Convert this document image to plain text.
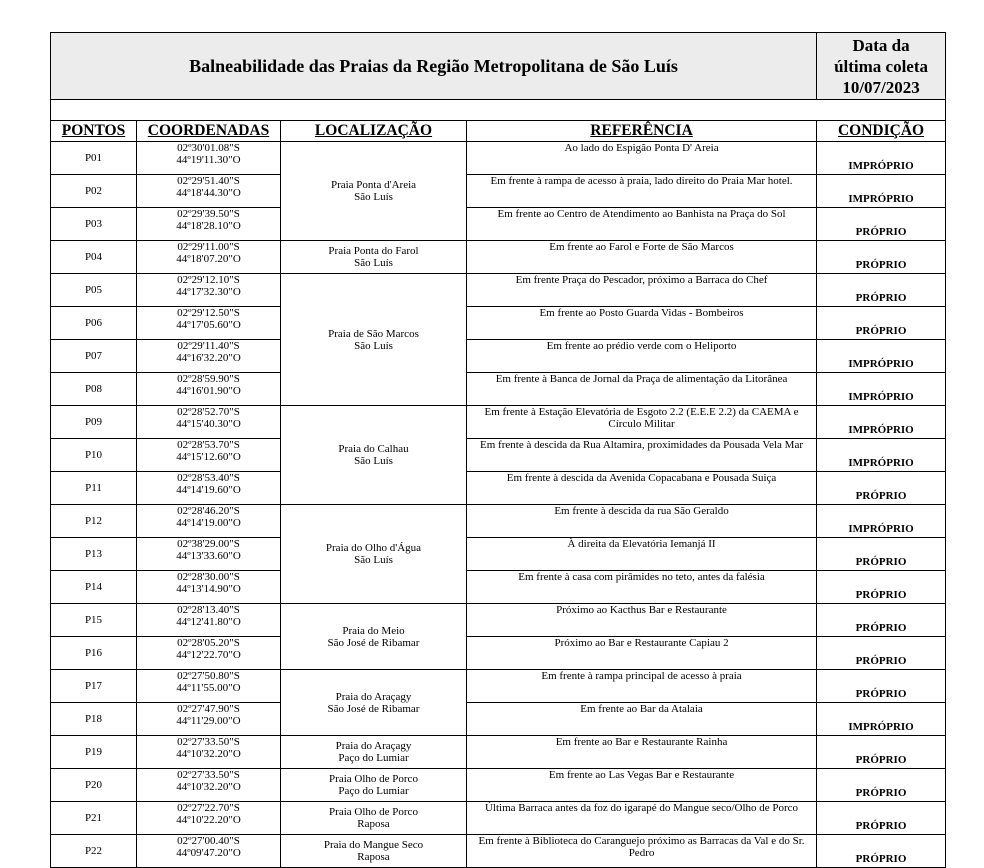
Balneabilidade das Praias da Região Metropolitana de São Luís				Data da
última coleta
10/07/2023

PONTOS	COORDENADAS	LOCALIZAÇÃO	REFERÊNCIA	CONDIÇÃO
P01	02º30'01.08"S
44º19'11.30"O	Praia Ponta d'Areia
São Luís	Ao lado do Espigão Ponta D' Areia	IMPRÓPRIO
P02	02º29'51.40"S
44º18'44.30"O		Em frente à rampa de acesso à praia, lado direito do Praia Mar hotel.	IMPRÓPRIO
P03	02º29'39.50"S
44º18'28.10"O		Em frente ao Centro de Atendimento ao Banhista na Praça do Sol	PRÓPRIO
P04	02º29'11.00"S
44º18'07.20"O	Praia Ponta do Farol
São Luís	Em frente ao Farol e Forte de São Marcos	PRÓPRIO
P05	02º29'12.10"S
44º17'32.30"O	Praia de São Marcos
São Luís	Em frente Praça do Pescador, próximo a Barraca do Chef	PRÓPRIO
P06	02º29'12.50"S
44º17'05.60"O		Em frente ao Posto Guarda Vidas - Bombeiros	PRÓPRIO
P07	02º29'11.40"S
44º16'32.20"O		Em frente ao prédio verde com o Heliporto	IMPRÓPRIO
P08	02º28'59.90"S
44º16'01.90"O		Em frente à Banca de Jornal da Praça de alimentação da Litorânea	IMPRÓPRIO
P09	02º28'52.70"S
44º15'40.30"O	Praia do Calhau
São Luís	Em frente à Estação Elevatória de Esgoto 2.2 (E.E.E 2.2) da CAEMA e Círculo Militar	IMPRÓPRIO
P10	02º28'53.70"S
44º15'12.60"O		Em frente à descida da Rua Altamira, proximidades da Pousada Vela Mar	IMPRÓPRIO
P11	02º28'53.40"S
44º14'19.60"O		Em frente à descida da Avenida Copacabana e Pousada Suiça	PRÓPRIO
P12	02º28'46.20"S
44º14'19.00"O	Praia do Olho d'Água
São Luís	Em frente à descida da rua São Geraldo	IMPRÓPRIO
P13	02º38'29.00"S
44º13'33.60"O		À direita da Elevatória Iemanjá II	PRÓPRIO
P14	02º28'30.00"S
44º13'14.90"O		Em frente à casa com pirâmides no teto, antes da falésia	PRÓPRIO
P15	02º28'13.40"S
44º12'41.80"O	Praia do Meio
São José de Ribamar	Próximo ao Kacthus Bar e Restaurante	PRÓPRIO
P16	02º28'05.20"S
44º12'22.70"O		Próximo ao Bar e Restaurante Capiau 2	PRÓPRIO
P17	02º27'50.80"S
44º11'55.00"O	Praia do Araçagy
São José de Ribamar	Em frente à rampa principal de acesso à praia	PRÓPRIO
P18	02º27'47.90"S
44º11'29.00"O		Em frente ao Bar da Atalaia	IMPRÓPRIO
P19	02º27'33.50"S
44º10'32.20"O	Praia do Araçagy
Paço do Lumiar	Em frente ao Bar e Restaurante Rainha	PRÓPRIO
P20	02º27'33.50"S
44º10'32.20"O	Praia Olho de Porco
Paço do Lumiar	Em frente ao Las Vegas Bar e Restaurante	PRÓPRIO
P21	02º27'22.70"S
44º10'22.20"O	Praia Olho de Porco
Raposa	Última Barraca antes da foz do igarapé do Mangue seco/Olho de Porco	PRÓPRIO
P22	02º27'00.40"S
44º09'47.20"O	Praia do Mangue Seco
Raposa	Em frente à Biblioteca do Caranguejo próximo as Barracas da Val e do Sr. Pedro	PRÓPRIO
